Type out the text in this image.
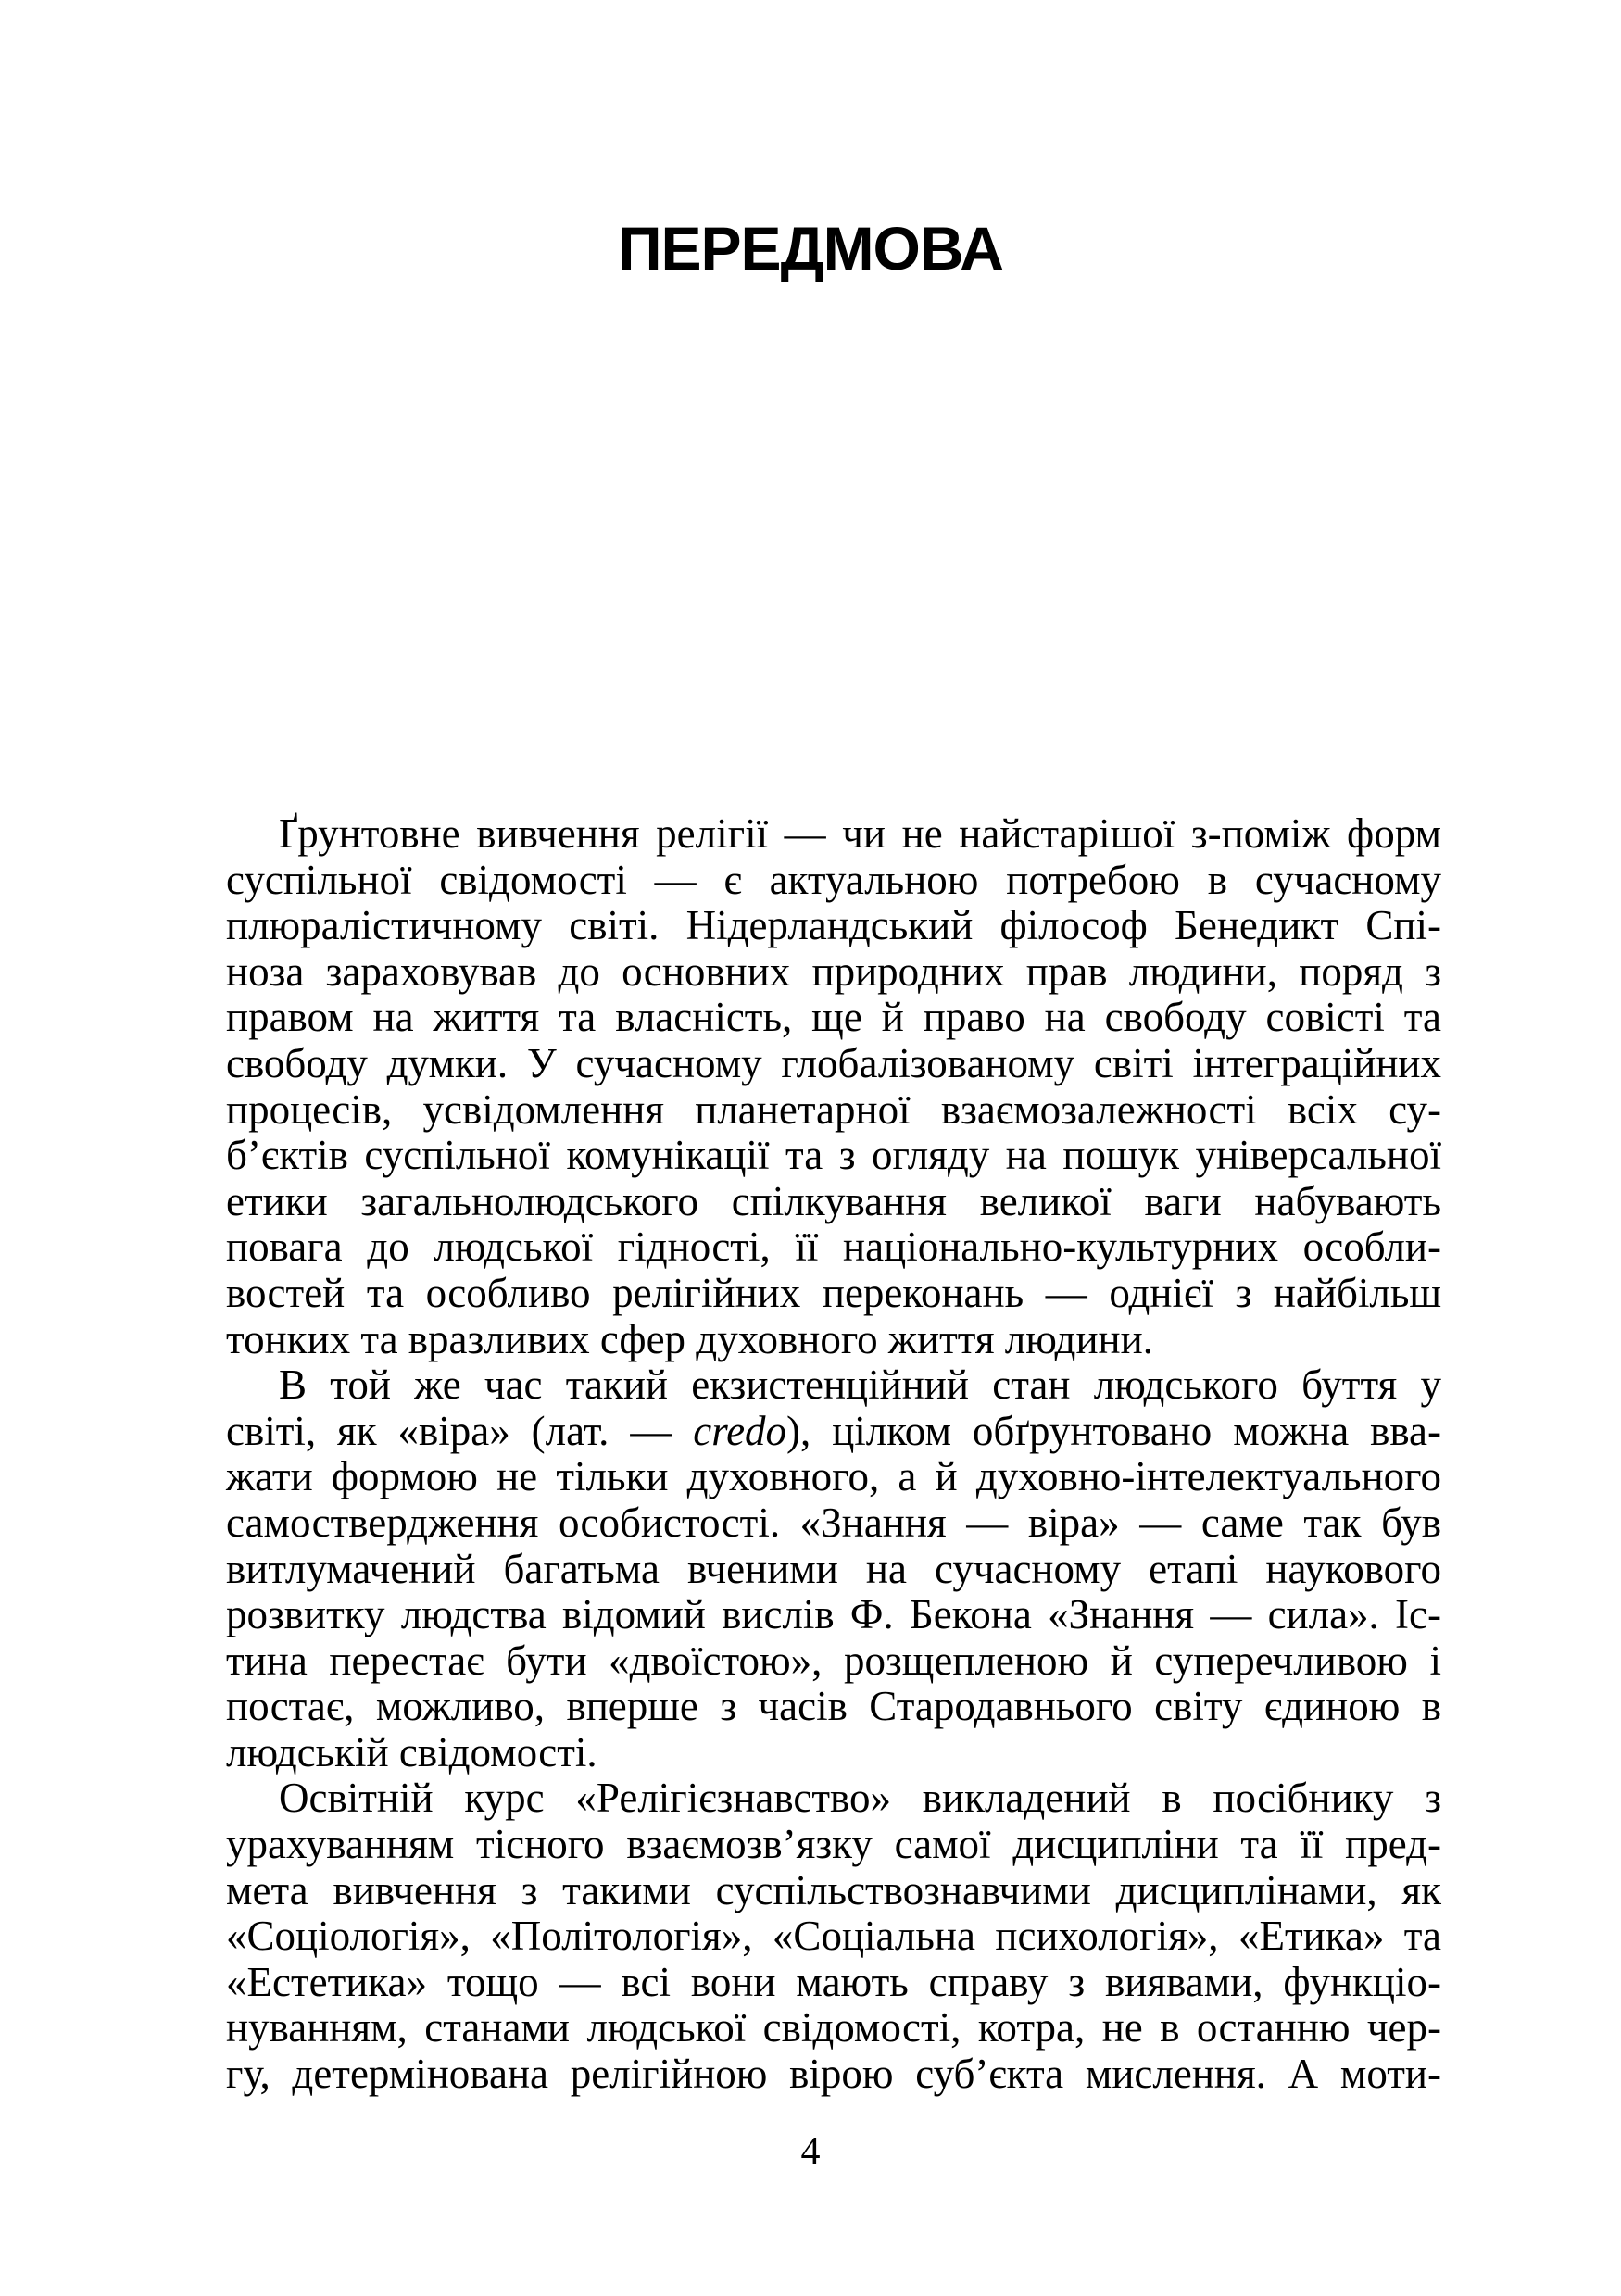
ПЕРЕДМОВА

Ґрунтовне вивчення релігії — чи не найстарішої з-поміж форм
суспільної свідомості — є актуальною потребою в сучасному
плюралістичному світі. Нідерландський філософ Бенедикт Спі-
ноза зараховував до основних природних прав людини, поряд з
правом на життя та власність, ще й право на свободу совісті та
свободу думки. У сучасному глобалізованому світі інтеграційних
процесів, усвідомлення планетарної взаємозалежності всіх су-
б’єктів суспільної комунікації та з огляду на пошук універсальної
етики загальнолюдського спілкування великої ваги набувають
повага до людської гідності, її національно-культурних особли-
востей та особливо релігійних переконань — однієї з найбільш
тонких та вразливих сфер духовного життя людини.

В той же час такий екзистенційний стан людського буття у
світі, як «віра» (лат. — credo), цілком обґрунтовано можна вва-
жати формою не тільки духовного, а й духовно-інтелектуального
самоствердження особистості. «Знання — віра» — саме так був
витлумачений багатьма вченими на сучасному етапі наукового
розвитку людства відомий вислів Ф. Бекона «Знання — сила». Іс-
тина перестає бути «двоїстою», розщепленою й суперечливою і
постає, можливо, вперше з часів Стародавнього світу єдиною в
людській свідомості.

Освітній курс «Релігієзнавство» викладений в посібнику з
урахуванням тісного взаємозв’язку самої дисципліни та її пред-
мета вивчення з такими суспільствознавчими дисциплінами, як
«Соціологія», «Політологія», «Соціальна психологія», «Етика» та
«Естетика» тощо — всі вони мають справу з виявами, функціо-
нуванням, станами людської свідомості, котра, не в останню чер-
гу, детермінована релігійною вірою суб’єкта мислення. А моти-

4
